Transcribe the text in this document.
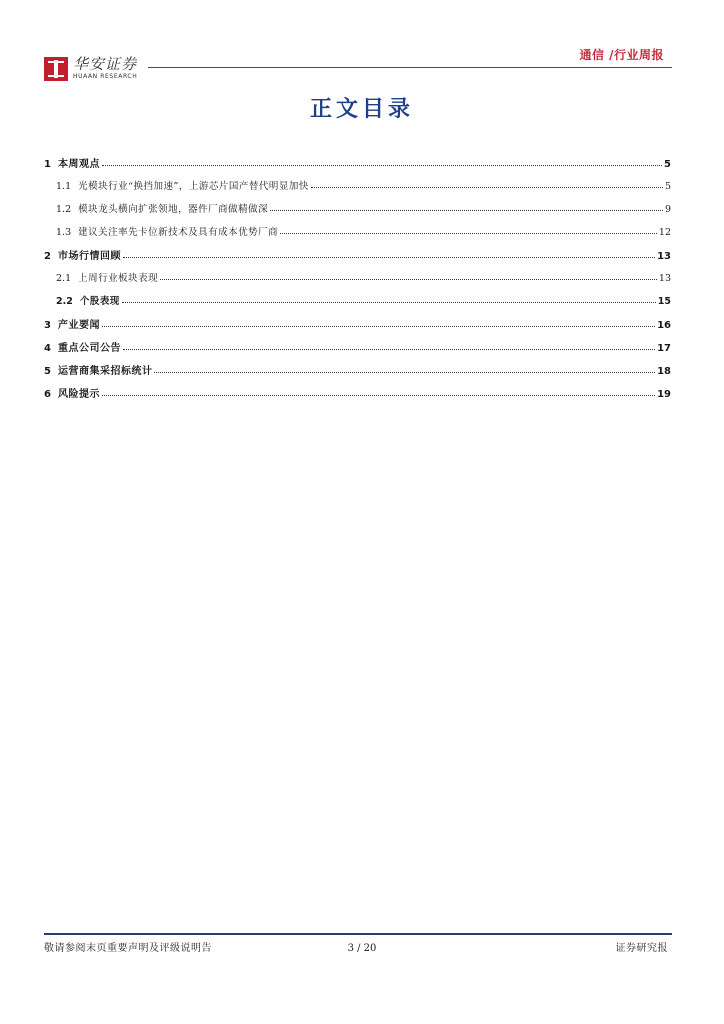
华安证券
HUAAN RESEARCH
通信 /行业周报
正文目录
1 本周观点	5
1.1 光模块行业“换挡加速”，上游芯片国产替代明显加快	5
1.2 模块龙头横向扩张领地，器件厂商做精做深	9
1.3 建议关注率先卡位新技术及具有成本优势厂商	12
2 市场行情回顾	13
2.1 上周行业板块表现	13
2.2 个股表现	15
3 产业要闻	16
4 重点公司公告	17
5 运营商集采招标统计	18
6 风险提示	19
敬请参阅末页重要声明及评级说明告	3 / 20	证券研究报
